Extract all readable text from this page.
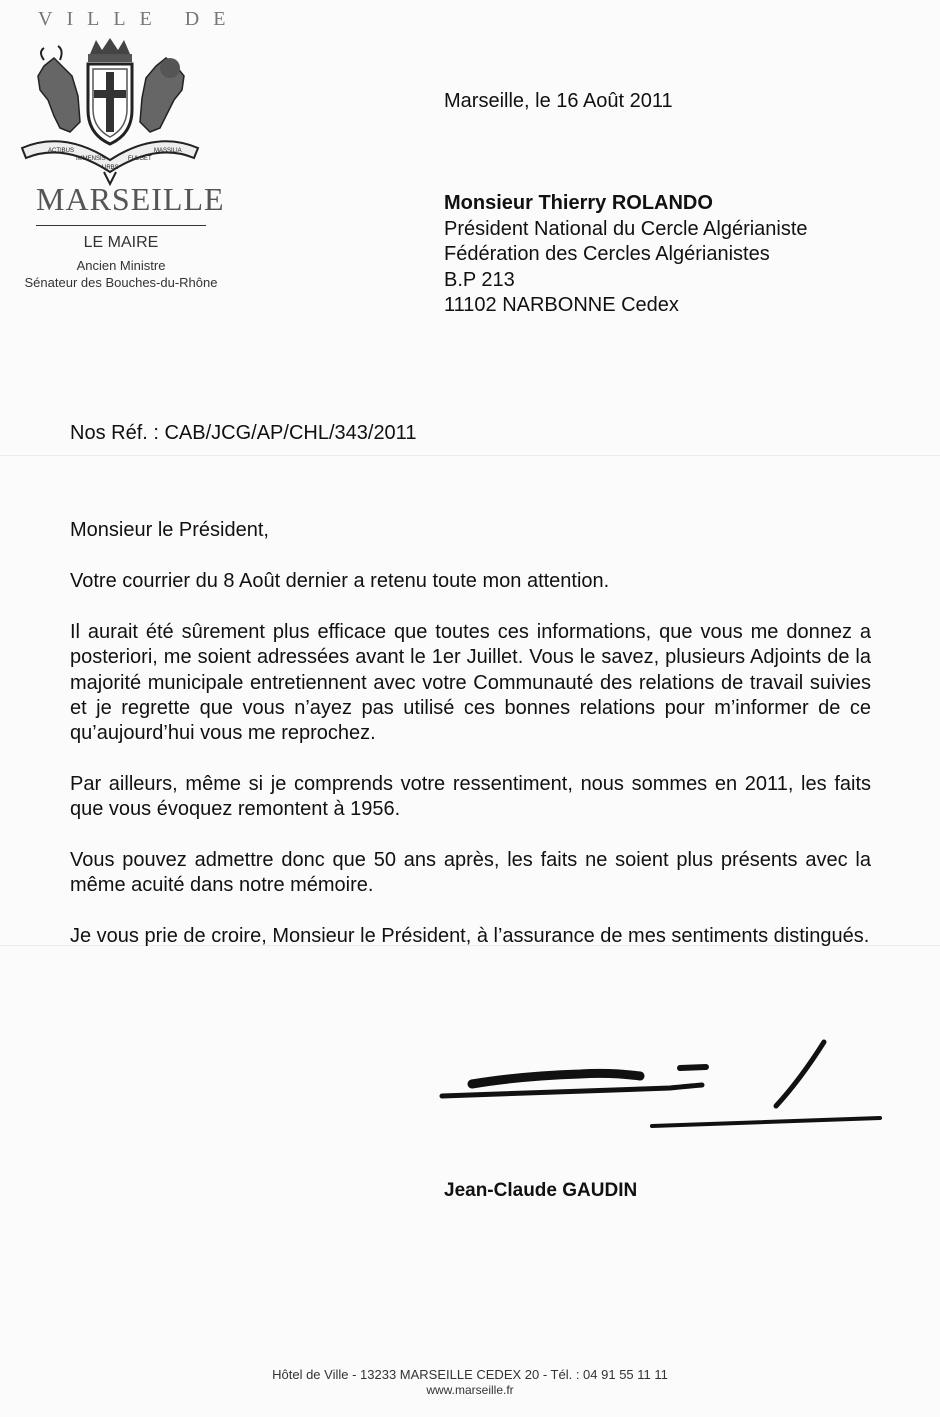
VILLE DE
ACTIBUS
IMMENSIS
URBS
FULGET
MASSILIA
MARSEILLE
LE MAIRE
Ancien Ministre
Sénateur des Bouches-du-Rhône
Marseille, le 16 Août 2011
Monsieur Thierry ROLANDO
Président National du Cercle Algérianiste
Fédération des Cercles Algérianistes
B.P 213
11102 NARBONNE Cedex
Nos Réf. : CAB/JCG/AP/CHL/343/2011
Monsieur le Président,
Votre courrier du 8 Août dernier a retenu toute mon attention.
Il aurait été sûrement plus efficace que toutes ces informations, que vous me donnez a posteriori, me soient adressées avant le 1er Juillet. Vous le savez, plusieurs Adjoints de la majorité municipale entretiennent avec votre Communauté des relations de travail suivies et je regrette que vous n’ayez pas utilisé ces bonnes relations pour m’informer de ce qu’aujourd’hui vous me reprochez.
Par ailleurs, même si je comprends votre ressentiment, nous sommes en 2011, les faits que vous évoquez remontent à 1956.
Vous pouvez admettre donc que 50 ans après, les faits ne soient plus présents avec la même acuité dans notre mémoire.
Je vous prie de croire, Monsieur le Président, à l’assurance de mes sentiments distingués.
Jean-Claude GAUDIN
Hôtel de Ville - 13233 MARSEILLE CEDEX 20 - Tél. : 04 91 55 11 11
www.marseille.fr
